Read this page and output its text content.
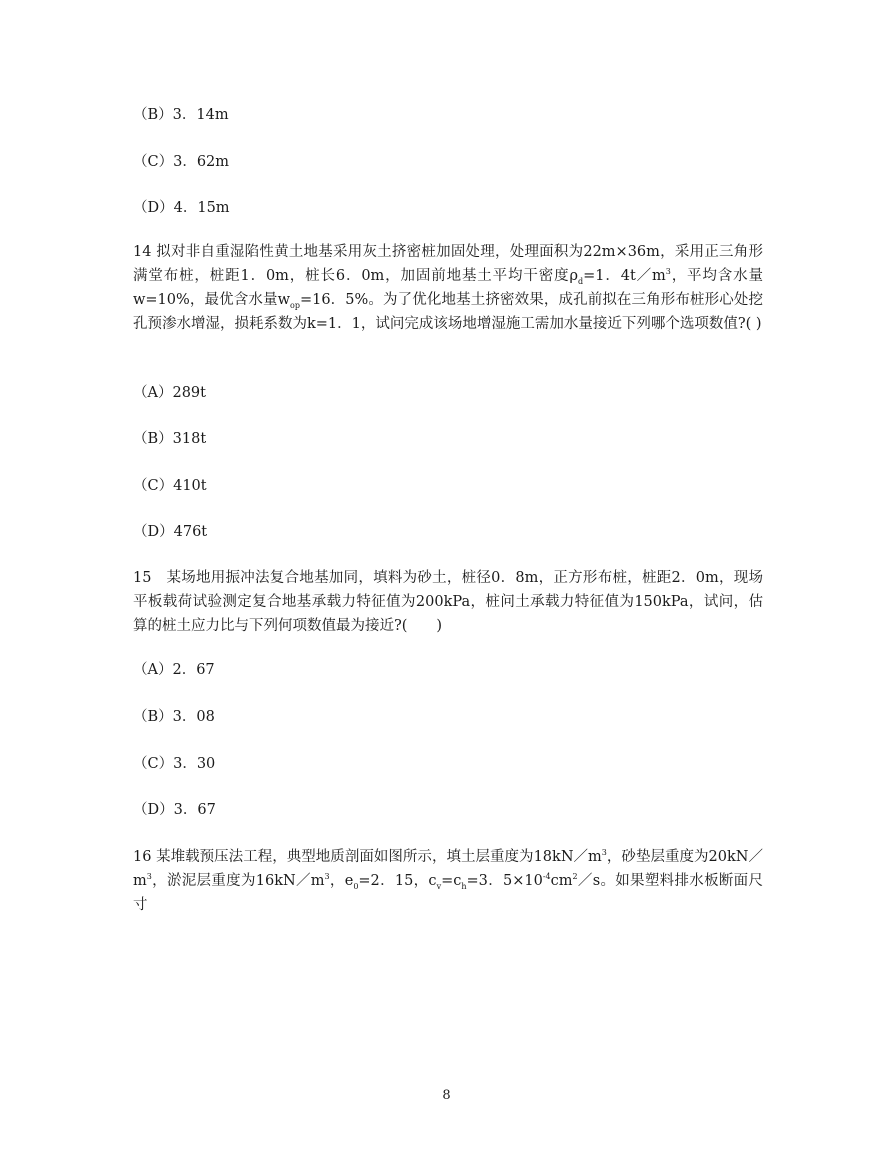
（B）3．14m
（C）3．62m
（D）4．15m
14 拟对非自重湿陷性黄土地基采用灰土挤密桩加固处理，处理面积为22m×36m，采用正三角形满堂布桩，桩距1．0m，桩长6．0m，加固前地基土平均干密度$\rho_d=1$．$4t/m^3$，平均含水量w=10%，最优含水量$w_{op}=16$．5%。为了优化地基土挤密效果，成孔前拟在三角形布桩形心处挖孔预渗水增湿，损耗系数为k=1．1，试问完成该场地增湿施工需加水量接近下列哪个选项数值?( )
（A）289t
（B）318t
（C）410t
（D）476t
15　某场地用振冲法复合地基加同，填料为砂土，桩径0．8m，正方形布桩，桩距2．0m，现场平板载荷试验测定复合地基承载力特征值为200kPa，桩问土承载力特征值为150kPa，试问，估算的桩土应力比与下列何项数值最为接近?(　　)
（A）2．67
（B）3．08
（C）3．30
（D）3．67
16 某堆载预压法工程，典型地质剖面如图所示，填土层重度为$18kN/m^3$，砂垫层重度为$20kN/m^3$，淤泥层重度为$16kN/m^3$，$e_0=2$．15，$c_v=c_h=3$．$5\times 10^{-4}cm^2/s$。如果塑料排水板断面尺寸
8
